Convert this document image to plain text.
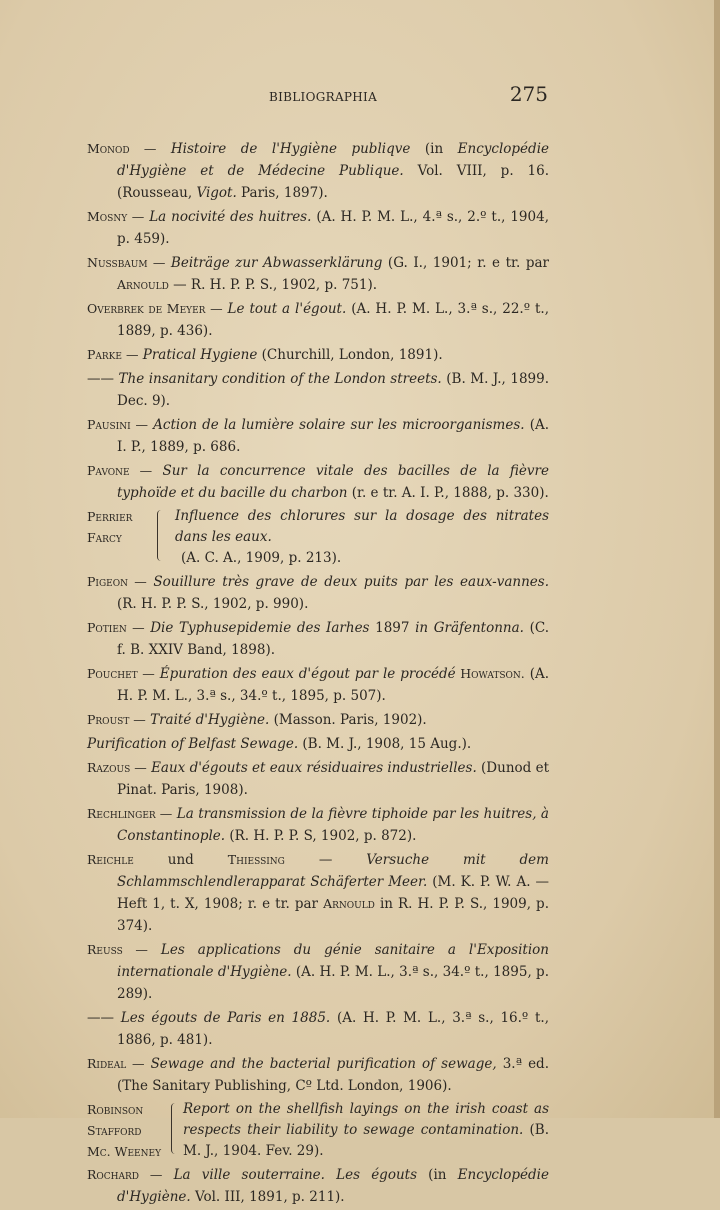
BIBLIOGRAPHIA	275

Monod — Histoire de l'Hygiène publiqve (in Encyclopédie d'Hygiène et de Médecine Publique. Vol. VIII, p. 16. (Rousseau, Vigot. Paris, 1897).

Mosny — La nocivité des huitres. (A. H. P. M. L., 4.ª s., 2.º t., 1904, p. 459).

Nussbaum — Beiträge zur Abwasserklärung (G. I., 1901; r. e tr. par Arnould — R. H. P. P. S., 1902, p. 751).

Overbrek de Meyer — Le tout a l'égout. (A. H. P. M. L., 3.ª s., 22.º t., 1889, p. 436).

Parke — Pratical Hygiene (Churchill, London, 1891).

—— The insanitary condition of the London streets. (B. M. J., 1899. Dec. 9).

Pausini — Action de la lumière solaire sur les microorganismes. (A. I. P., 1889, p. 686.

Pavone — Sur la concurrence vitale des bacilles de la fièvre typhoïde et du bacille du charbon (r. e tr. A. I. P., 1888, p. 330).

Perrier
Farcy
Influence des chlorures sur la dosage des nitrates dans les eaux.
(A. C. A., 1909, p. 213).

Pigeon — Souillure très grave de deux puits par les eaux-vannes. (R. H. P. P. S., 1902, p. 990).

Potien — Die Typhusepidemie des Iarhes 1897 in Gräfentonna. (C. f. B. XXIV Band, 1898).

Pouchet — Épuration des eaux d'égout par le procédé Howatson. (A. H. P. M. L., 3.ª s., 34.º t., 1895, p. 507).

Proust — Traité d'Hygiène. (Masson. Paris, 1902).

Purification of Belfast Sewage. (B. M. J., 1908, 15 Aug.).

Razous — Eaux d'égouts et eaux résiduaires industrielles. (Dunod et Pinat. Paris, 1908).

Rechlinger — La transmission de la fièvre tiphoide par les huitres, à Constantinople. (R. H. P. P. S, 1902, p. 872).

Reichle und Thiessing — Versuche mit dem Schlammschlendlerapparat Schäferter Meer. (M. K. P. W. A. — Heft 1, t. X, 1908; r. e tr. par Arnould in R. H. P. P. S., 1909, p. 374).

Reuss — Les applications du génie sanitaire a l'Exposition internationale d'Hygiène. (A. H. P. M. L., 3.ª s., 34.º t., 1895, p. 289).

—— Les égouts de Paris en 1885. (A. H. P. M. L., 3.ª s., 16.º t., 1886, p. 481).

Rideal — Sewage and the bacterial purification of sewage, 3.ª ed. (The Sanitary Publishing, Cº Ltd. London, 1906).

Robinson
Stafford
Mc. Weeney
Report on the shellfish layings on the irish coast as respects their liability to sewage contamination. (B. M. J., 1904. Fev. 29).

Rochard — La ville souterraine. Les égouts (in Encyclopédie d'Hygiène. Vol. III, 1891, p. 211).
